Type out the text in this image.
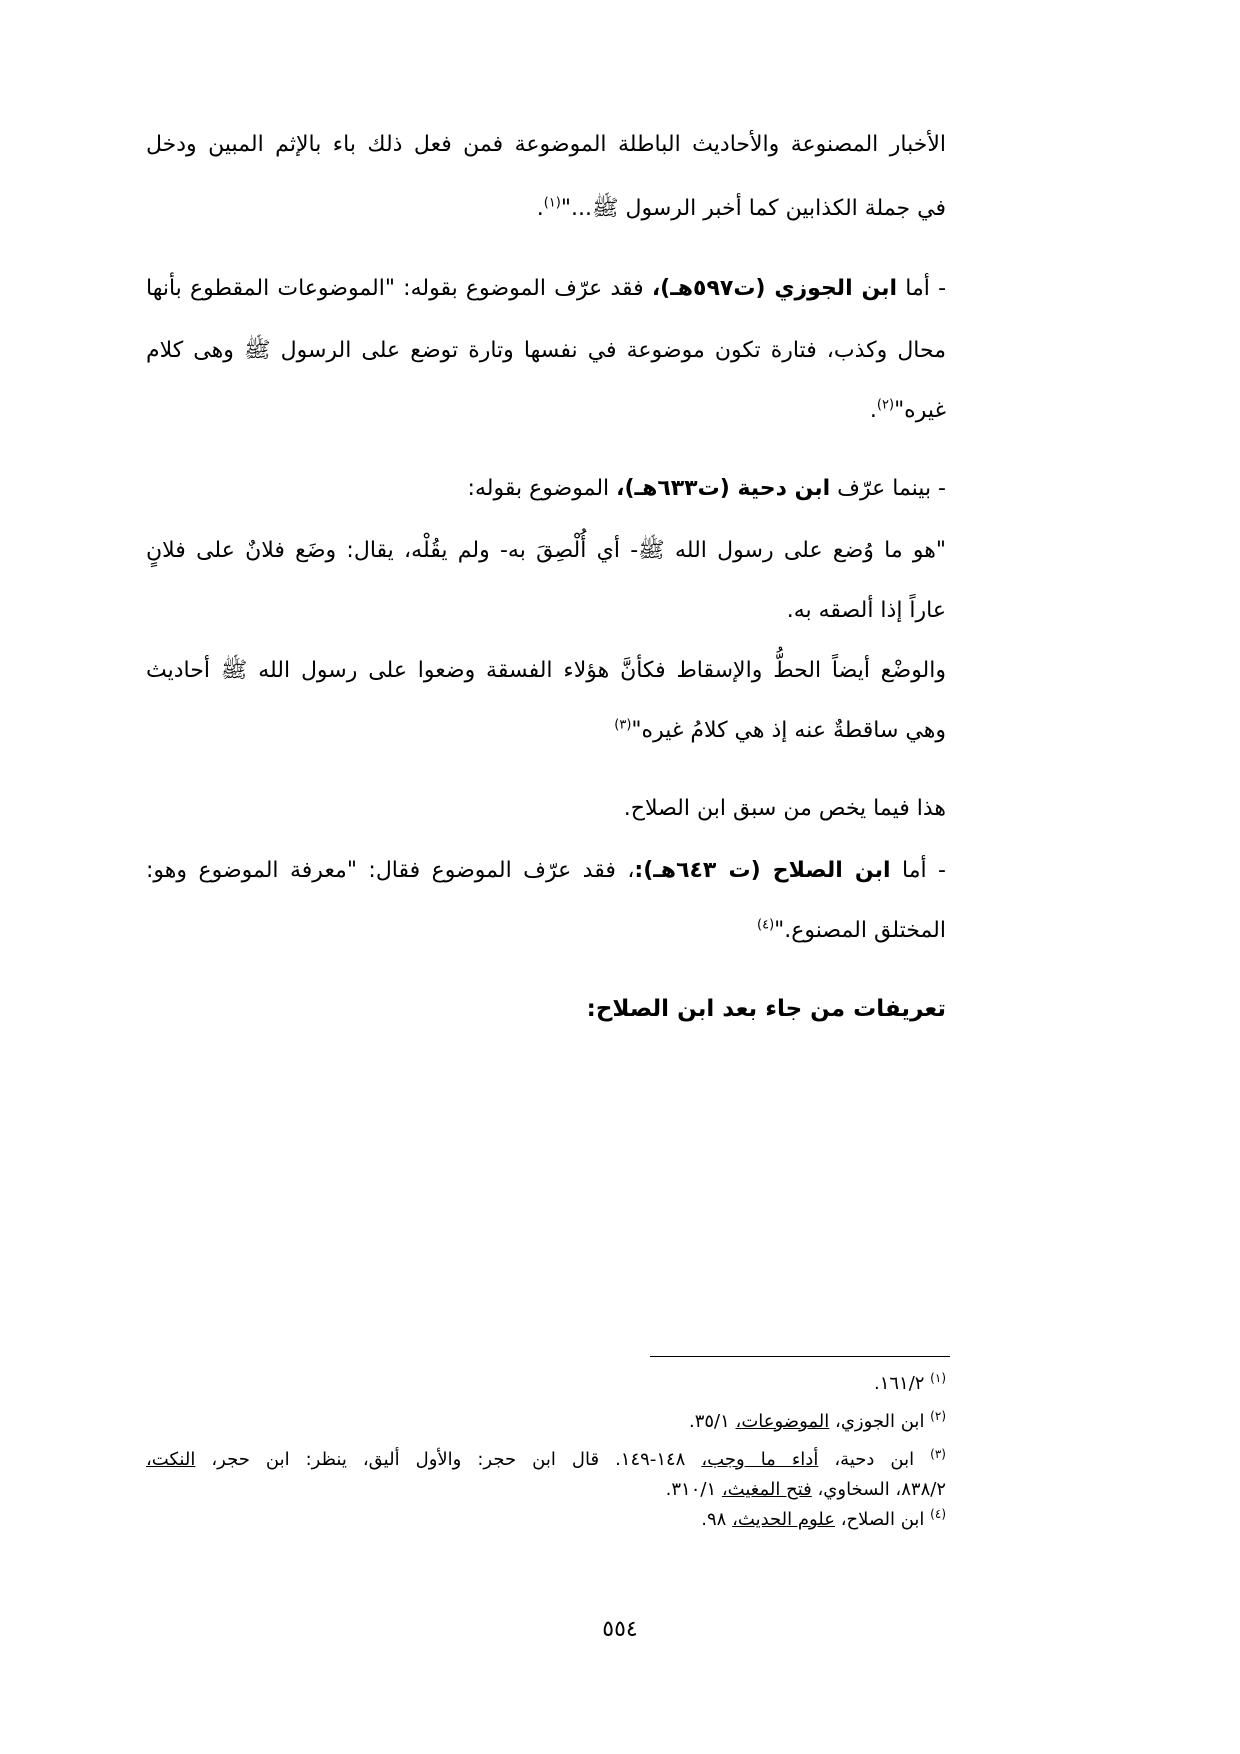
الأخبار المصنوعة والأحاديث الباطلة الموضوعة فمن فعل ذلك باء بالإثم المبين ودخل
في جملة الكذابين كما أخبر الرسول ﷺ..."$^{(١)}$.
- أما ابن الجوزي (ت٥٩٧هـ)، فقد عرّف الموضوع بقوله: "الموضوعات المقطوع بأنها
محال وكذب، فتارة تكون موضوعة في نفسها وتارة توضع على الرسول ﷺ وهى كلام
غيره"$^{(٢)}$.
- بينما عرّف ابن دحية (ت٦٣٣هـ)، الموضوع بقوله:
"هو ما وُضع على رسول الله ﷺ- أي أُلْصِقَ به- ولم يقُلْه، يقال: وضَع فلانٌ على فلانٍ
عاراً إذا ألصقه به.
والوضْع أيضاً الحطُّ والإسقاط فكأنَّ هؤلاء الفسقة وضعوا على رسول الله ﷺ أحاديث
وهي ساقطةٌ عنه إذ هي كلامُ غيره"$^{(٣)}$
هذا فيما يخص من سبق ابن الصلاح.
- أما ابن الصلاح (ت ٦٤٣هـ):، فقد عرّف الموضوع فقال: "معرفة الموضوع وهو:
المختلق المصنوع."$^{(٤)}$
تعريفات من جاء بعد ابن الصلاح:
$^{(١)}$ ١٦١/٢.
$^{(٢)}$ ابن الجوزي، الموضوعات، ٣٥/١.
$^{(٣)}$ ابن دحية، أداء ما وجب، ١٤٨-١٤٩. قال ابن حجر: والأول أليق، ينظر: ابن حجر، النكت،
٨٣٨/٢، السخاوي، فتح المغيث، ٣١٠/١.
$^{(٤)}$ ابن الصلاح، علوم الحديث، ٩٨.
٥٥٤
